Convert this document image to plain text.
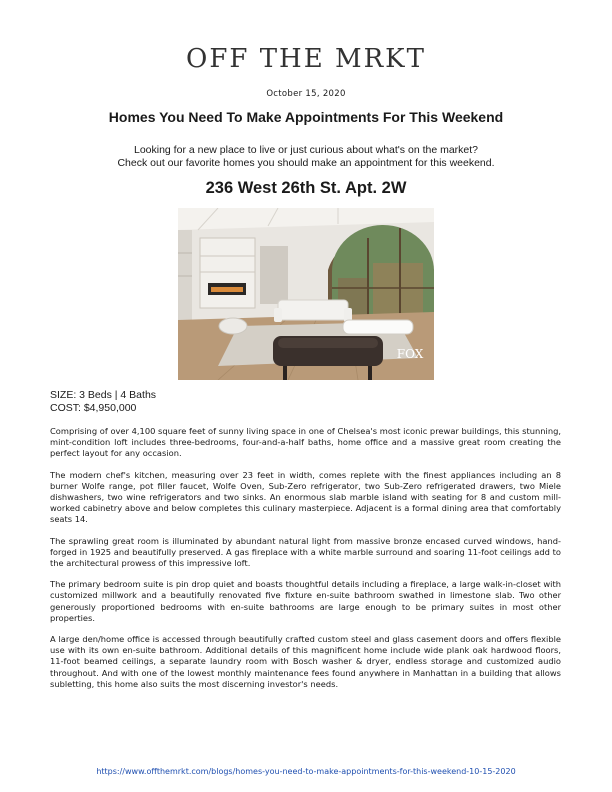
OFF THE MRKT
October 15, 2020
Homes You Need To Make Appointments For This Weekend
Looking for a new place to live or just curious about what's on the market?
Check out our favorite homes you should make an appointment for this weekend.
236 West 26th St. Apt. 2W
FOX
SIZE: 3 Beds | 4 Baths
COST: $4,950,000

Comprising of over 4,100 square feet of sunny living space in one of Chelsea's most iconic prewar buildings, this stunning, mint-condition loft includes three-bedrooms, four-and-a-half baths, home office and a massive great room creating the perfect layout for any occasion.

The modern chef's kitchen, measuring over 23 feet in width, comes replete with the finest appliances including an 8 burner Wolfe range, pot filler faucet, Wolfe Oven, Sub-Zero refrigerator, two Sub-Zero refrigerated drawers, two Miele dishwashers, two wine refrigerators and two sinks. An enormous slab marble island with seating for 8 and custom mill-worked cabinetry above and below completes this culinary masterpiece. Adjacent is a formal dining area that comfortably seats 14.

The sprawling great room is illuminated by abundant natural light from massive bronze encased curved windows, hand-forged in 1925 and beautifully preserved. A gas fireplace with a white marble surround and soaring 11-foot ceilings add to the architectural prowess of this impressive loft.

The primary bedroom suite is pin drop quiet and boasts thoughtful details including a fireplace, a large walk-in-closet with customized millwork and a beautifully renovated five fixture en-suite bathroom swathed in limestone slab. Two other generously proportioned bedrooms with en-suite bathrooms are large enough to be primary suites in most other properties.

A large den/home office is accessed through beautifully crafted custom steel and glass casement doors and offers flexible use with its own en-suite bathroom. Additional details of this magnificent home include wide plank oak hardwood floors, 11-foot beamed ceilings, a separate laundry room with Bosch washer & dryer, endless storage and customized audio throughout. And with one of the lowest monthly maintenance fees found anywhere in Manhattan in a building that allows subletting, this home also suits the most discerning investor's needs.

https://www.offthemrkt.com/blogs/homes-you-need-to-make-appointments-for-this-weekend-10-15-2020
